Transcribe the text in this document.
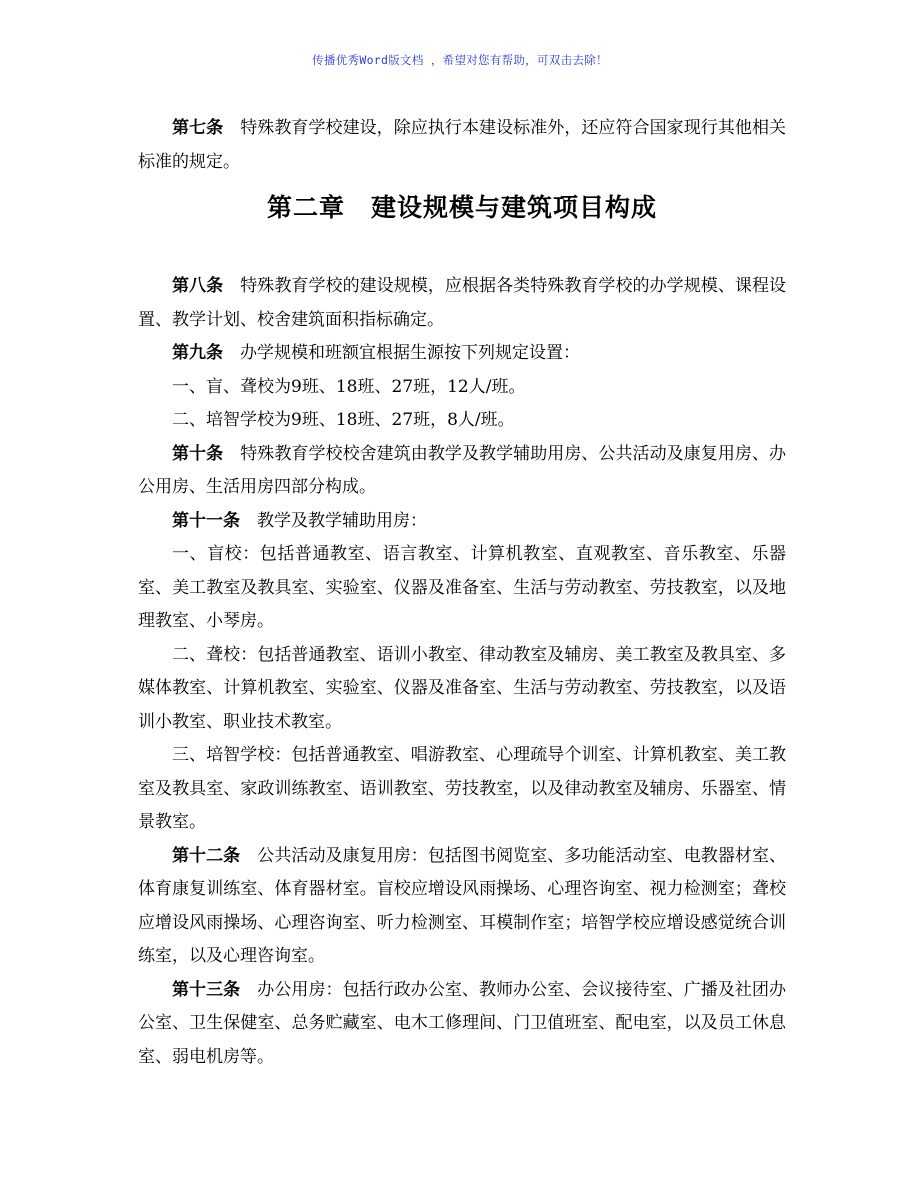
传播优秀Word版文档 ，希望对您有帮助，可双击去除！

第七条 特殊教育学校建设，除应执行本建设标准外，还应符合国家现行其他相关标准的规定。

第二章 建设规模与建筑项目构成

第八条 特殊教育学校的建设规模，应根据各类特殊教育学校的办学规模、课程设置、教学计划、校舍建筑面积指标确定。

第九条 办学规模和班额宜根据生源按下列规定设置：

一、盲、聋校为9班、18班、27班，12人/班。

二、培智学校为9班、18班、27班，8人/班。

第十条 特殊教育学校校舍建筑由教学及教学辅助用房、公共活动及康复用房、办公用房、生活用房四部分构成。

第十一条 教学及教学辅助用房：

一、盲校：包括普通教室、语言教室、计算机教室、直观教室、音乐教室、乐器室、美工教室及教具室、实验室、仪器及准备室、生活与劳动教室、劳技教室，以及地理教室、小琴房。

二、聋校：包括普通教室、语训小教室、律动教室及辅房、美工教室及教具室、多媒体教室、计算机教室、实验室、仪器及准备室、生活与劳动教室、劳技教室，以及语训小教室、职业技术教室。

三、培智学校：包括普通教室、唱游教室、心理疏导个训室、计算机教室、美工教室及教具室、家政训练教室、语训教室、劳技教室，以及律动教室及辅房、乐器室、情景教室。

第十二条 公共活动及康复用房：包括图书阅览室、多功能活动室、电教器材室、体育康复训练室、体育器材室。盲校应增设风雨操场、心理咨询室、视力检测室；聋校应增设风雨操场、心理咨询室、听力检测室、耳模制作室；培智学校应增设感觉统合训练室，以及心理咨询室。

第十三条 办公用房：包括行政办公室、教师办公室、会议接待室、广播及社团办公室、卫生保健室、总务贮藏室、电木工修理间、门卫值班室、配电室，以及员工休息室、弱电机房等。
